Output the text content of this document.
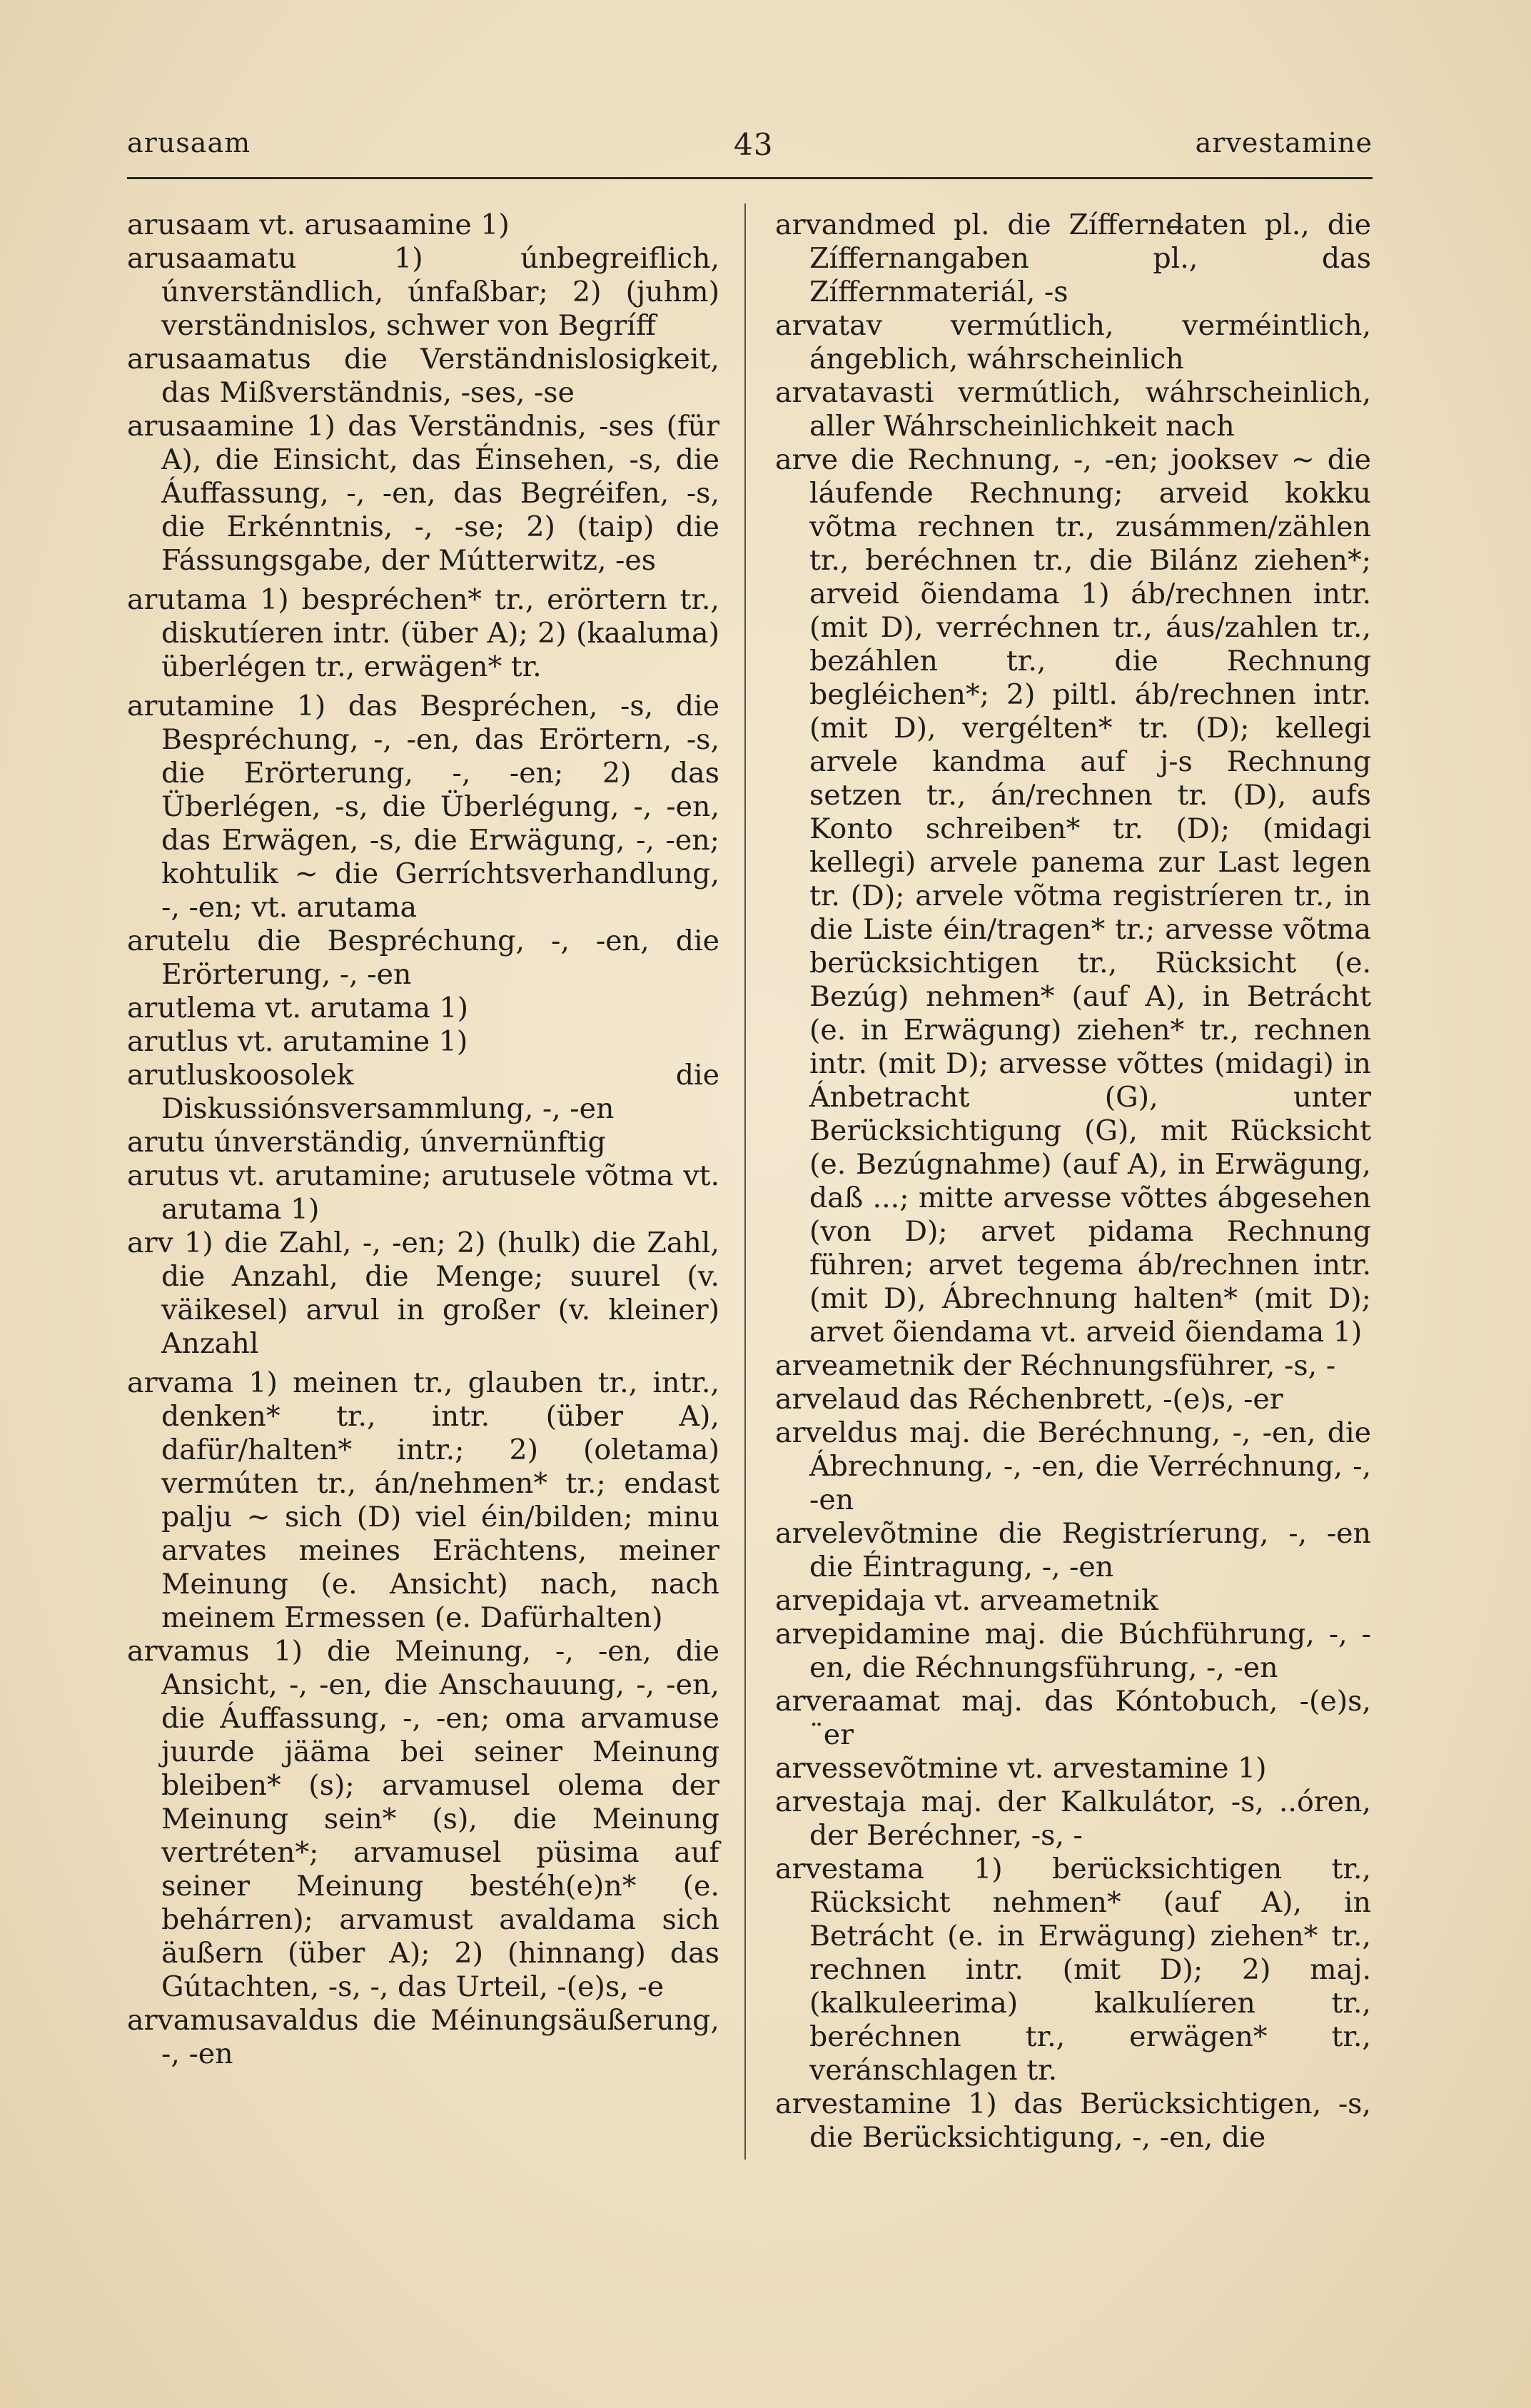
arusaam	43	arvestamine

arusaam vt. arusaamine 1)

arusaamatu 1) únbegreiflich, únverständlich, únfaßbar; 2) (juhm) verständnislos, schwer von Begríff

arusaamatus die Verständnislosigkeit, das Mißverständnis, -ses, -se

arusaamine 1) das Verständnis, -ses (für A), die Einsicht, das Éinsehen, -s, die Áuffassung, -, -en, das Begréifen, -s, die Erkénntnis, -, -se; 2) (taip) die Fássungsgabe, der Mútterwitz, -es

arutama 1) bespréchen* tr., erörtern tr., diskutíeren intr. (über A); 2) (kaaluma) überlégen tr., erwägen* tr.

arutamine 1) das Bespréchen, -s, die Bespréchung, -, -en, das Erörtern, -s, die Erörterung, -, -en; 2) das Überlégen, -s, die Überlégung, -, -en, das Erwägen, -s, die Erwägung, -, -en; kohtulik ~ die Gerríchtsverhandlung, -, -en; vt. arutama

arutelu die Bespréchung, -, -en, die Erörterung, -, -en

arutlema vt. arutama 1)

arutlus vt. arutamine 1)

arutluskoosolek die Diskussiónsversammlung, -, -en

arutu únverständig, únvernünftig

arutus vt. arutamine; arutusele võtma vt. arutama 1)

arv 1) die Zahl, -, -en; 2) (hulk) die Zahl, die Anzahl, die Menge; suurel (v. väikesel) arvul in großer (v. kleiner) Anzahl

arvama 1) meinen tr., glauben tr., intr., denken* tr., intr. (über A), dafür/halten* intr.; 2) (oletama) vermúten tr., án/nehmen* tr.; endast palju ~ sich (D) viel éin/bilden; minu arvates meines Erächtens, meiner Meinung (e. Ansicht) nach, nach meinem Ermessen (e. Dafürhalten)

arvamus 1) die Meinung, -, -en, die Ansicht, -, -en, die Anschauung, -, -en, die Áuffassung, -, -en; oma arvamuse juurde jääma bei seiner Meinung bleiben* (s); arvamusel olema der Meinung sein* (s), die Meinung vertréten*; arvamusel püsima auf seiner Meinung bestéh(e)n* (e. behárren); arvamust avaldama sich äußern (über A); 2) (hinnang) das Gútachten, -s, -, das Urteil, -(e)s, -e

arvamusavaldus die Méinungsäußerung, -, -en

arvandmed pl. die Zíffernd̶aten pl., die Zíffernangaben pl., das Zíffernmateriál, -s

arvatav vermútlich, verméintlich, ángeblich, wáhrscheinlich

arvatavasti vermútlich, wáhrscheinlich, aller Wáhrscheinlichkeit nach

arve die Rechnung, -, -en; jooksev ~ die láufende Rechnung; arveid kokku võtma rechnen tr., zusámmen/zählen tr., beréchnen tr., die Bilánz ziehen*; arveid õiendama 1) áb/rechnen intr. (mit D), verréchnen tr., áus/zahlen tr., bezáhlen tr., die Rechnung begléichen*; 2) piltl. áb/rechnen intr. (mit D), vergélten* tr. (D); kellegi arvele kandma auf j-s Rechnung setzen tr., án/rechnen tr. (D), aufs Konto schreiben* tr. (D); (midagi kellegi) arvele panema zur Last legen tr. (D); arvele võtma registríeren tr., in die Liste éin/tragen* tr.; arvesse võtma berücksichtigen tr., Rücksicht (e. Bezúg) nehmen* (auf A), in Betrácht (e. in Erwägung) ziehen* tr., rechnen intr. (mit D); arvesse võttes (midagi) in Ánbetracht (G), unter Berücksichtigung (G), mit Rücksicht (e. Bezúgnahme) (auf A), in Erwägung, daß ...; mitte arvesse võttes ábgesehen (von D); arvet pidama Rechnung führen; arvet tegema áb/rechnen intr. (mit D), Ábrechnung halten* (mit D); arvet õiendama vt. arveid õiendama 1)

arveametnik der Réchnungsführer, -s, -

arvelaud das Réchenbrett, -(e)s, -er

arveldus maj. die Beréchnung, -, -en, die Ábrechnung, -, -en, die Verréchnung, -, -en

arvelevõtmine die Registríerung, -, -en die Éintragung, -, -en

arvepidaja vt. arveametnik

arvepidamine maj. die Búchführung, -, -en, die Réchnungsführung, -, -en

arveraamat maj. das Kóntobuch, -(e)s, ¨er

arvessevõtmine vt. arvestamine 1)

arvestaja maj. der Kalkulátor, -s, ..óren, der Beréchner, -s, -

arvestama 1) berücksichtigen tr., Rücksicht nehmen* (auf A), in Betrácht (e. in Erwägung) ziehen* tr., rechnen intr. (mit D); 2) maj. (kalkuleerima) kalkulíeren tr., beréchnen tr., erwägen* tr., veránschlagen tr.

arvestamine 1) das Berücksichtigen, -s, die Berücksichtigung, -, -en, die
